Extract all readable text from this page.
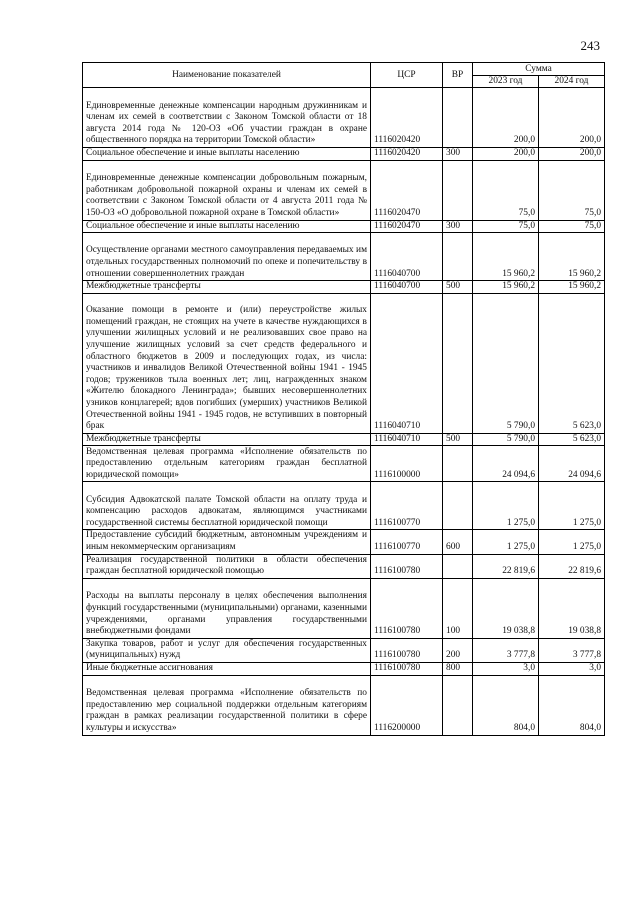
243
Наименование показателей	ЦСР	ВР	Сумма	
			2023 год	2024 год
Единовременные денежные компенсации народным дружинникам и членам их семей в соответствии с Законом Томской области от 18 августа 2014 года № 120-ОЗ «Об участии граждан в охране общественного порядка на территории Томской области»	1116020420		200,0	200,0
Социальное обеспечение и иные выплаты населению	1116020420	300	200,0	200,0
Единовременные денежные компенсации добровольным пожарным, работникам добровольной пожарной охраны и членам их семей в соответствии с Законом Томской области от 4 августа 2011 года № 150-ОЗ «О добровольной пожарной охране в Томской области»	1116020470		75,0	75,0
Социальное обеспечение и иные выплаты населению	1116020470	300	75,0	75,0
Осуществление органами местного самоуправления передаваемых им отдельных государственных полномочий по опеке и попечительству в отношении совершеннолетних граждан	1116040700		15 960,2	15 960,2
Межбюджетные трансферты	1116040700	500	15 960,2	15 960,2
Оказание помощи в ремонте и (или) переустройстве жилых помещений граждан, не стоящих на учете в качестве нуждающихся в улучшении жилищных условий и не реализовавших свое право на улучшение жилищных условий за счет средств федерального и областного бюджетов в 2009 и последующих годах, из числа: участников и инвалидов Великой Отечественной войны 1941 - 1945 годов; тружеников тыла военных лет; лиц, награжденных знаком «Жителю блокадного Ленинграда»; бывших несовершеннолетних узников концлагерей; вдов погибших (умерших) участников Великой Отечественной войны 1941 - 1945 годов, не вступивших в повторный брак	1116040710		5 790,0	5 623,0
Межбюджетные трансферты	1116040710	500	5 790,0	5 623,0
Ведомственная целевая программа «Исполнение обязательств по предоставлению отдельным категориям граждан бесплатной юридической помощи»	1116100000		24 094,6	24 094,6
Субсидия Адвокатской палате Томской области на оплату труда и компенсацию расходов адвокатам, являющимся участниками государственной системы бесплатной юридической помощи	1116100770		1 275,0	1 275,0
Предоставление субсидий бюджетным, автономным учреждениям и иным некоммерческим организациям	1116100770	600	1 275,0	1 275,0
Реализация государственной политики в области обеспечения граждан бесплатной юридической помощью	1116100780		22 819,6	22 819,6
Расходы на выплаты персоналу в целях обеспечения выполнения функций государственными (муниципальными) органами, казенными учреждениями, органами управления государственными внебюджетными фондами	1116100780	100	19 038,8	19 038,8
Закупка товаров, работ и услуг для обеспечения государственных (муниципальных) нужд	1116100780	200	3 777,8	3 777,8
Иные бюджетные ассигнования	1116100780	800	3,0	3,0
Ведомственная целевая программа «Исполнение обязательств по предоставлению мер социальной поддержки отдельным категориям граждан в рамках реализации государственной политики в сфере культуры и искусства»	1116200000		804,0	804,0
